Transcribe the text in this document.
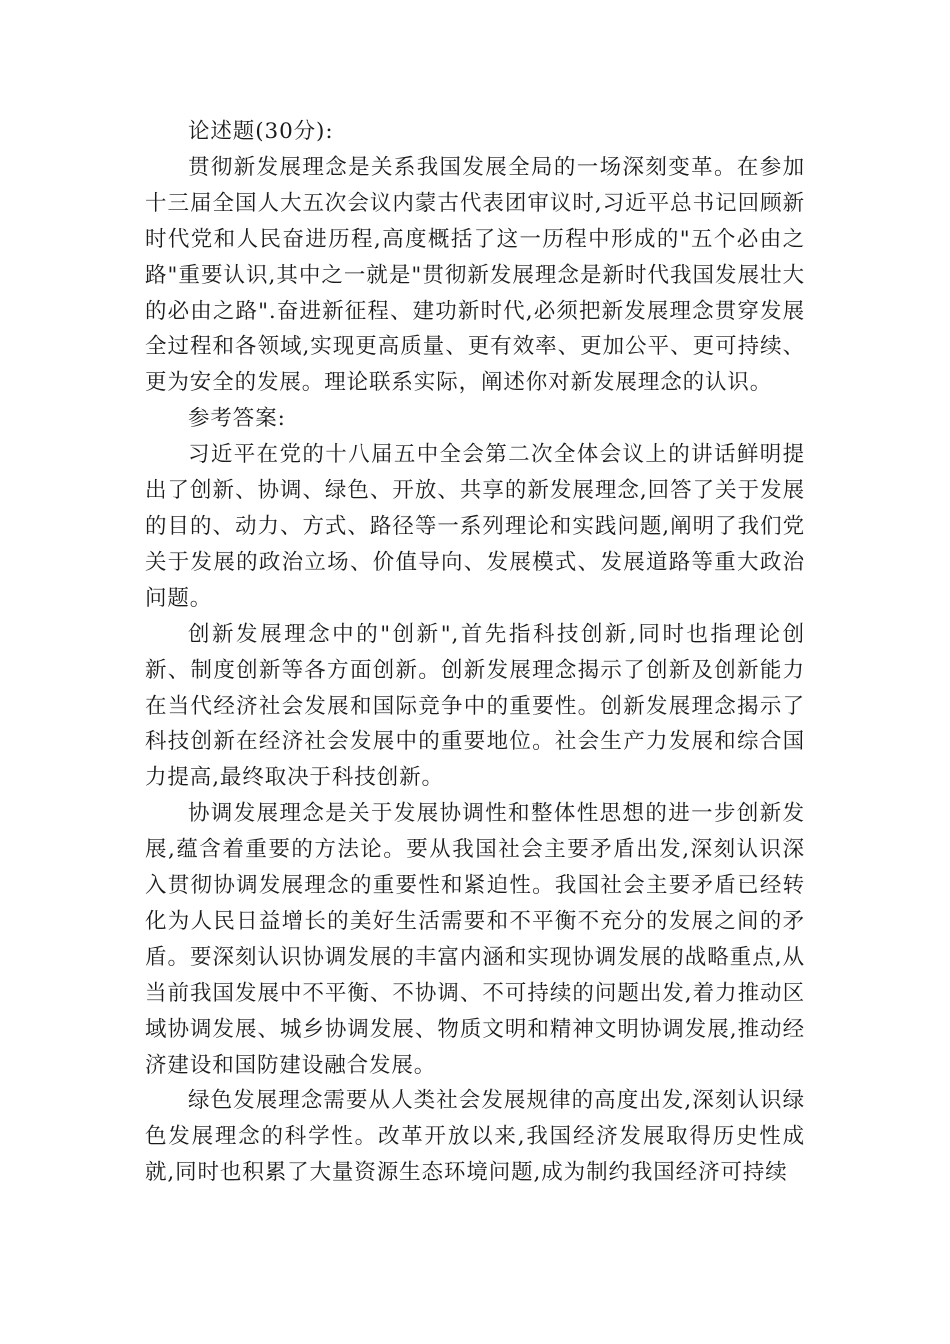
论述题(30分):

贯彻新发展理念是关系我国发展全局的一场深刻变革。在参加十三届全国人大五次会议内蒙古代表团审议时,习近平总书记回顾新时代党和人民奋进历程,高度概括了这一历程中形成的"五个必由之路"重要认识,其中之一就是"贯彻新发展理念是新时代我国发展壮大的必由之路".奋进新征程、建功新时代,必须把新发展理念贯穿发展全过程和各领域,实现更高质量、更有效率、更加公平、更可持续、更为安全的发展。理论联系实际，阐述你对新发展理念的认识。

参考答案:

习近平在党的十八届五中全会第二次全体会议上的讲话鲜明提出了创新、协调、绿色、开放、共享的新发展理念,回答了关于发展的目的、动力、方式、路径等一系列理论和实践问题,阐明了我们党关于发展的政治立场、价值导向、发展模式、发展道路等重大政治问题。

创新发展理念中的"创新",首先指科技创新,同时也指理论创新、制度创新等各方面创新。创新发展理念揭示了创新及创新能力在当代经济社会发展和国际竞争中的重要性。创新发展理念揭示了科技创新在经济社会发展中的重要地位。社会生产力发展和综合国力提高,最终取决于科技创新。

协调发展理念是关于发展协调性和整体性思想的进一步创新发展,蕴含着重要的方法论。要从我国社会主要矛盾出发,深刻认识深入贯彻协调发展理念的重要性和紧迫性。我国社会主要矛盾已经转化为人民日益增长的美好生活需要和不平衡不充分的发展之间的矛盾。要深刻认识协调发展的丰富内涵和实现协调发展的战略重点,从当前我国发展中不平衡、不协调、不可持续的问题出发,着力推动区域协调发展、城乡协调发展、物质文明和精神文明协调发展,推动经济建设和国防建设融合发展。

绿色发展理念需要从人类社会发展规律的高度出发,深刻认识绿色发展理念的科学性。改革开放以来,我国经济发展取得历史性成就,同时也积累了大量资源生态环境问题,成为制约我国经济可持续
